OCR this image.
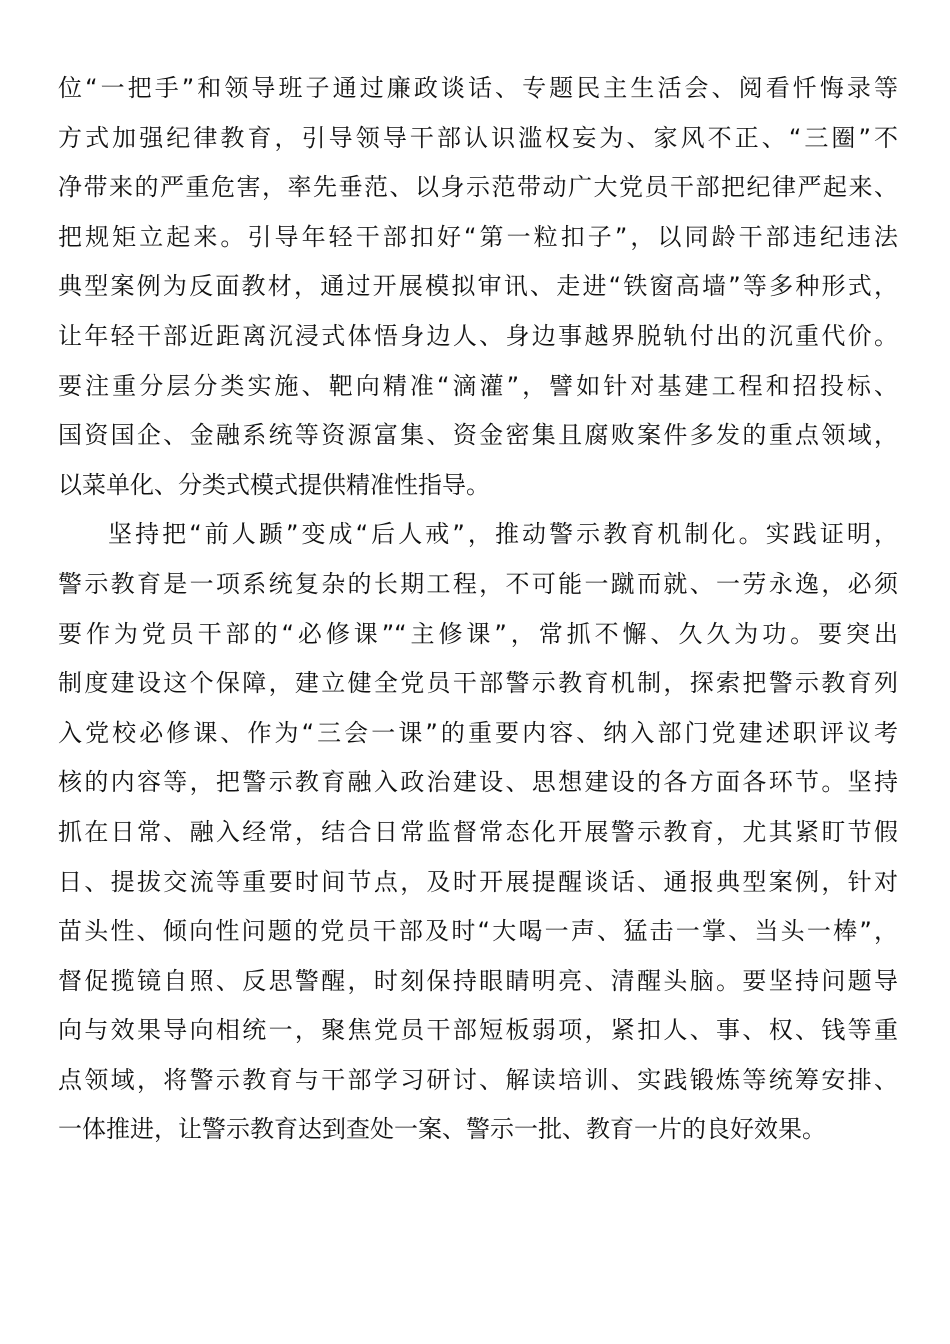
位“一把手”和领导班子通过廉政谈话、专题民主生活会、阅看忏悔录等
方式加强纪律教育，引导领导干部认识滥权妄为、家风不正、“三圈”不
净带来的严重危害，率先垂范、以身示范带动广大党员干部把纪律严起来、
把规矩立起来。引导年轻干部扣好“第一粒扣子”，以同龄干部违纪违法
典型案例为反面教材，通过开展模拟审讯、走进“铁窗高墙”等多种形式，
让年轻干部近距离沉浸式体悟身边人、身边事越界脱轨付出的沉重代价。
要注重分层分类实施、靶向精准“滴灌”，譬如针对基建工程和招投标、
国资国企、金融系统等资源富集、资金密集且腐败案件多发的重点领域，
以菜单化、分类式模式提供精准性指导。
坚持把“前人踬”变成“后人戒”，推动警示教育机制化。实践证明，
警示教育是一项系统复杂的长期工程，不可能一蹴而就、一劳永逸，必须
要作为党员干部的“必修课”“主修课”，常抓不懈、久久为功。要突出
制度建设这个保障，建立健全党员干部警示教育机制，探索把警示教育列
入党校必修课、作为“三会一课”的重要内容、纳入部门党建述职评议考
核的内容等，把警示教育融入政治建设、思想建设的各方面各环节。坚持
抓在日常、融入经常，结合日常监督常态化开展警示教育，尤其紧盯节假
日、提拔交流等重要时间节点，及时开展提醒谈话、通报典型案例，针对
苗头性、倾向性问题的党员干部及时“大喝一声、猛击一掌、当头一棒”，
督促揽镜自照、反思警醒，时刻保持眼睛明亮、清醒头脑。要坚持问题导
向与效果导向相统一，聚焦党员干部短板弱项，紧扣人、事、权、钱等重
点领域，将警示教育与干部学习研讨、解读培训、实践锻炼等统筹安排、
一体推进，让警示教育达到查处一案、警示一批、教育一片的良好效果。
